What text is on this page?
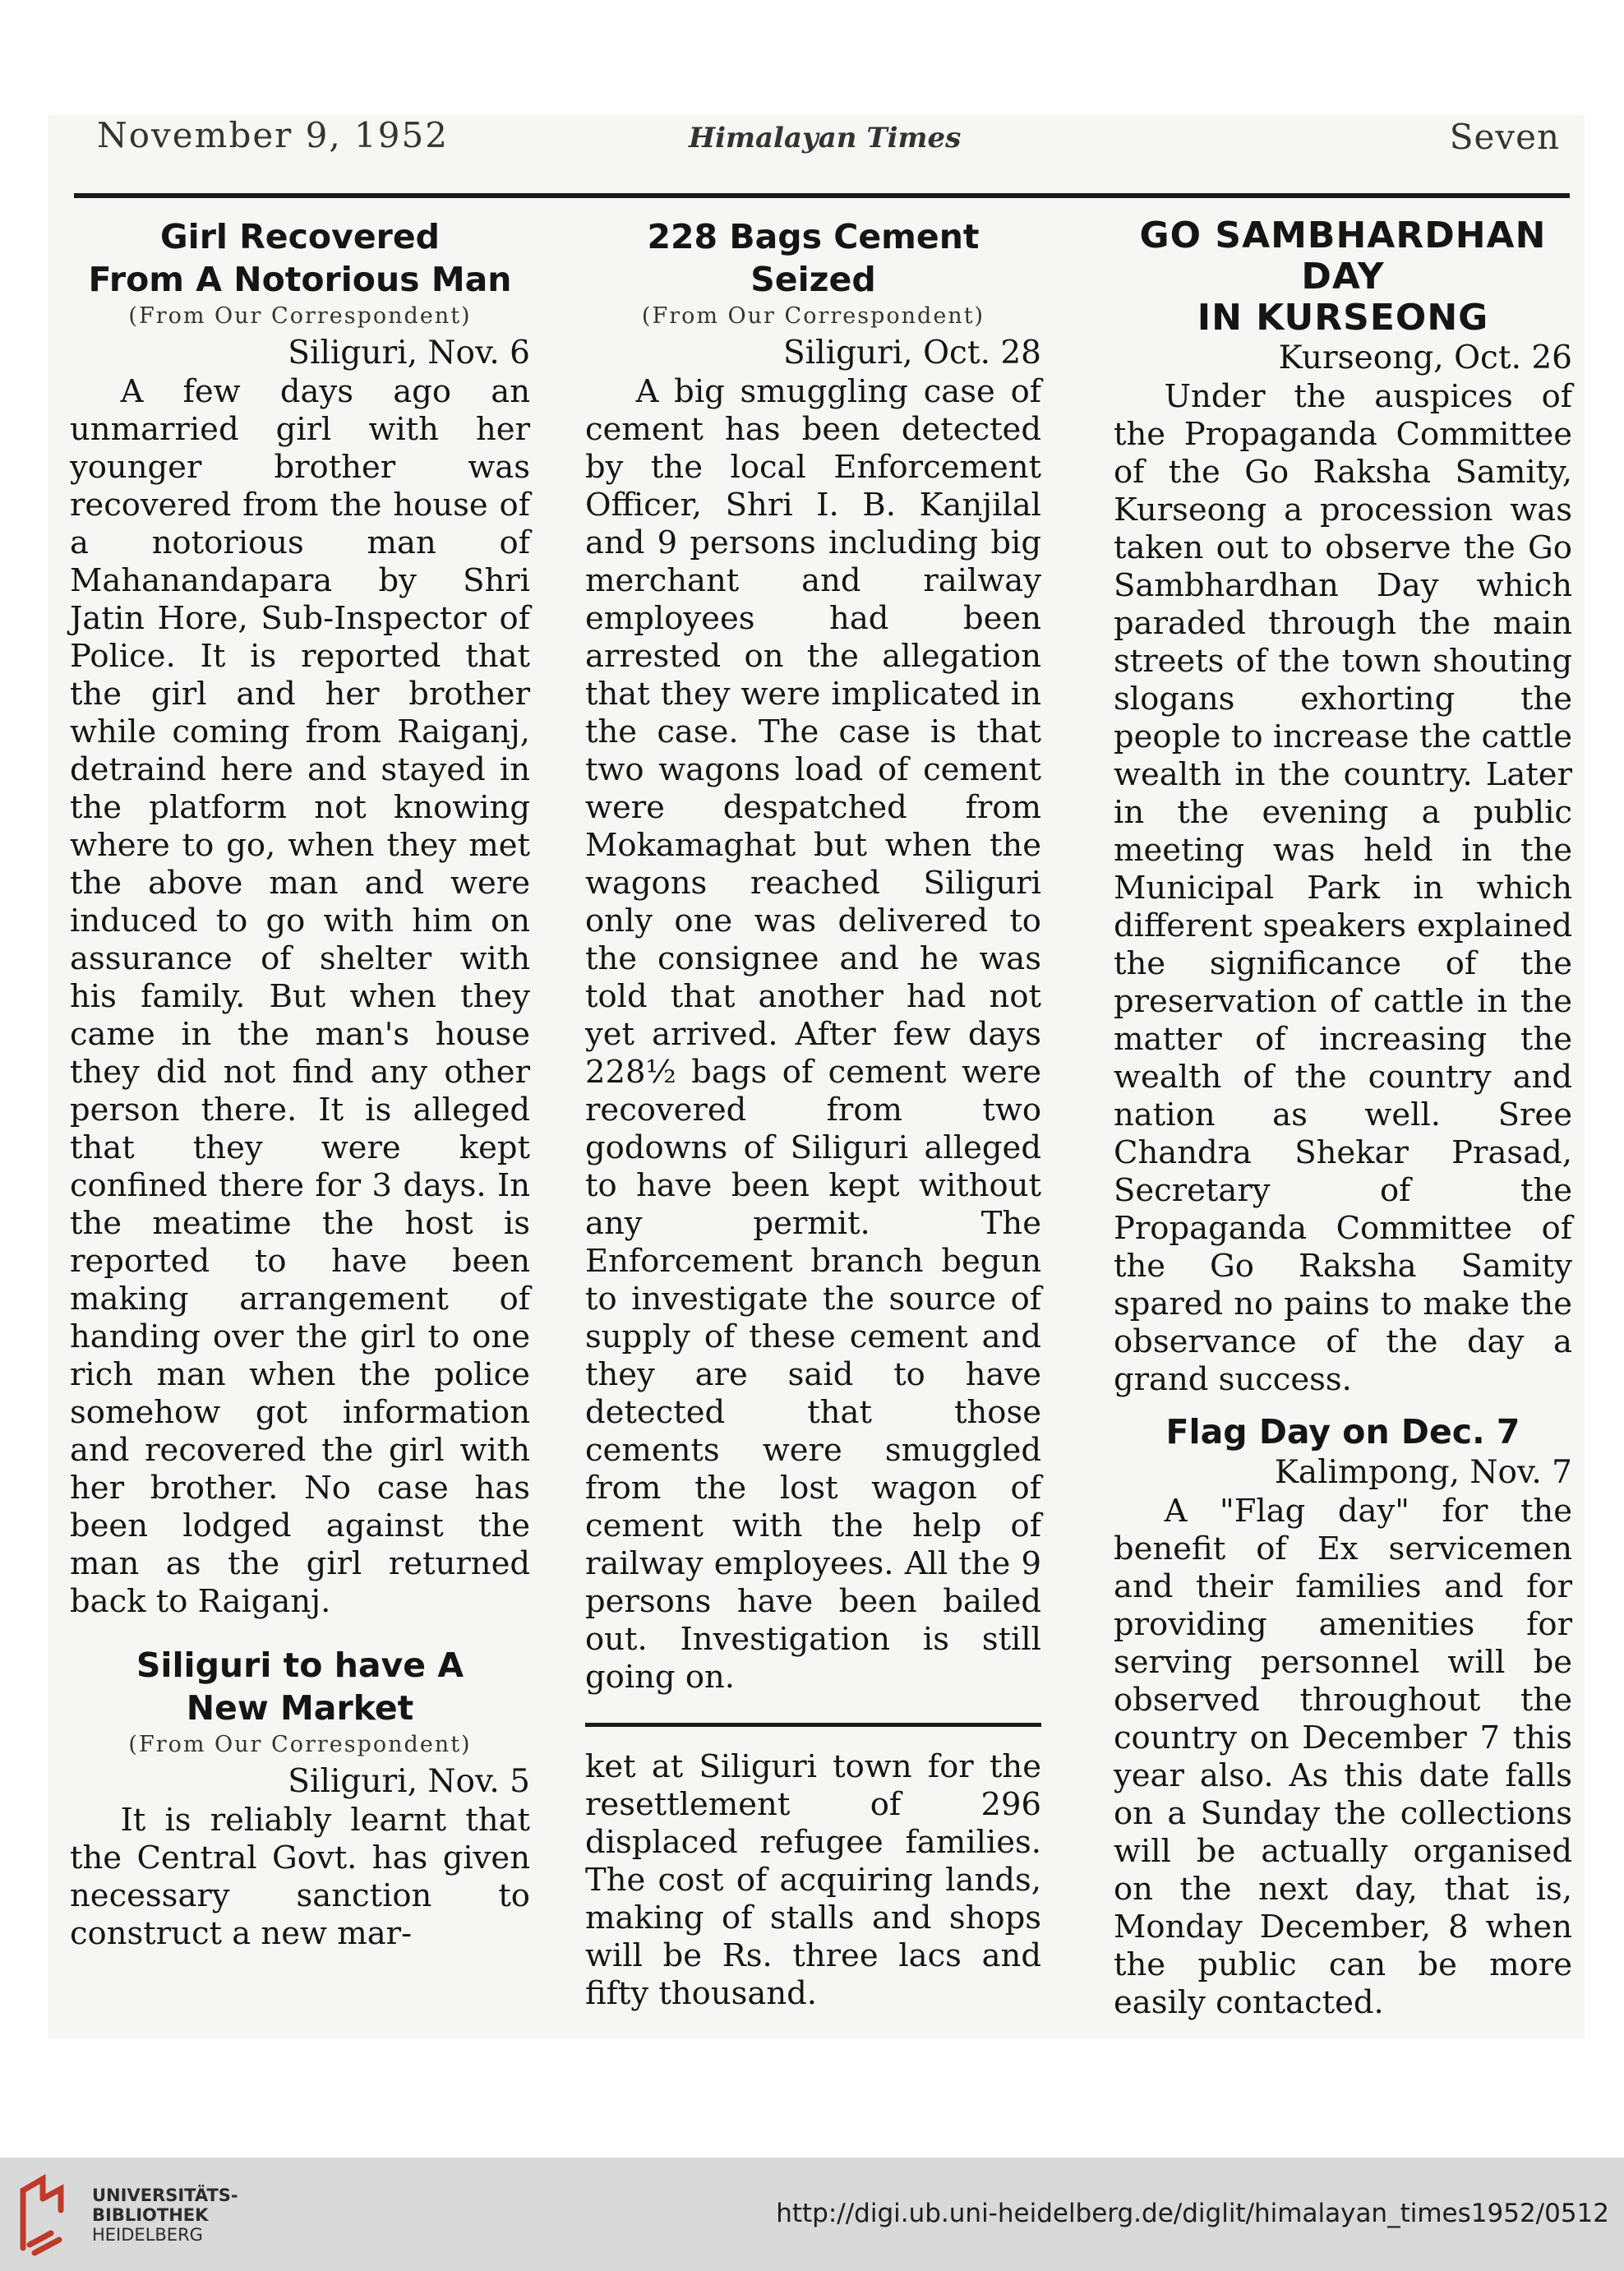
November 9, 1952	Himalayan Times	Seven
Girl Recovered
From A Notorious Man
(From Our Correspondent)
Siliguri, Nov. 6

A few days ago an unmarried girl with her younger brother was recovered from the house of a notorious man of Mahanandapara by Shri Jatin Hore, Sub-Inspector of Police. It is reported that the girl and her brother while coming from Raiganj, detraind here and stayed in the platform not knowing where to go, when they met the above man and were induced to go with him on assurance of shelter with his family. But when they came in the man's house they did not find any other person there. It is alleged that they were kept confined there for 3 days. In the meatime the host is reported to have been making arrangement of handing over the girl to one rich man when the police somehow got information and recovered the girl with her brother. No case has been lodged against the man as the girl returned back to Raiganj.

Siliguri to have A
New Market
(From Our Correspondent)
Siliguri, Nov. 5

It is reliably learnt that the Central Govt. has given necessary sanction to construct a new mar-

228 Bags Cement Seized
(From Our Correspondent)
Siliguri, Oct. 28

A big smuggling case of cement has been detected by the local Enforcement Officer, Shri I. B. Kanjilal and 9 persons including big merchant and railway employees had been arrested on the allegation that they were implicated in the case. The case is that two wagons load of cement were despatched from Mokamaghat but when the wagons reached Siliguri only one was delivered to the consignee and he was told that another had not yet arrived. After few days 228½ bags of cement were recovered from two godowns of Siliguri alleged to have been kept without any permit. The Enforcement branch begun to investigate the source of supply of these cement and they are said to have detected that those cements were smuggled from the lost wagon of cement with the help of railway employees. All the 9 persons have been bailed out. Investigation is still going on.

ket at Siliguri town for the resettlement of 296 displaced refugee families. The cost of acquiring lands, making of stalls and shops will be Rs. three lacs and fifty thousand.

GO SAMBHARDHAN DAY
IN KURSEONG
Kurseong, Oct. 26

Under the auspices of the Propaganda Committee of the Go Raksha Samity, Kurseong a procession was taken out to observe the Go Sambhardhan Day which paraded through the main streets of the town shouting slogans exhorting the people to increase the cattle wealth in the country. Later in the evening a public meeting was held in the Municipal Park in which different speakers explained the significance of the preservation of cattle in the matter of increasing the wealth of the country and nation as well. Sree Chandra Shekar Prasad, Secretary of the Propaganda Committee of the Go Raksha Samity spared no pains to make the observance of the day a grand success.

Flag Day on Dec. 7
Kalimpong, Nov. 7

A "Flag day" for the benefit of Ex servicemen and their families and for providing amenities for serving personnel will be observed throughout the country on December 7 this year also. As this date falls on a Sunday the collections will be actually organised on the next day, that is, Monday December, 8 when the public can be more easily contacted.

UNIVERSITÄTS-
BIBLIOTHEK
HEIDELBERG
http://digi.ub.uni-heidelberg.de/diglit/himalayan_times1952/0512
